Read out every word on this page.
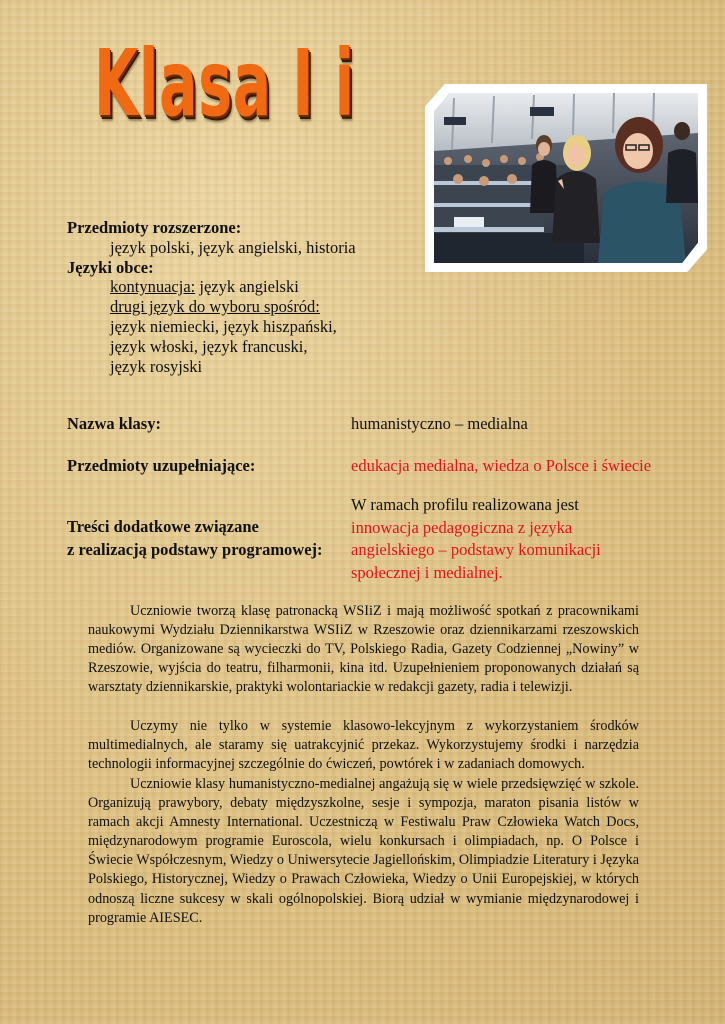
Klasa I i
Przedmioty rozszerzone:
język polski, język angielski, historia
Języki obce:
kontynuacja: język angielski
drugi język do wyboru spośród:
język niemiecki, język hiszpański,
język włoski, język francuski,
język rosyjski
Nazwa klasy:	humanistyczno – medialna
Przedmioty uzupełniające:	edukacja medialna, wiedza o Polsce i świecie
Treści dodatkowe związane
z realizacją podstawy programowej:
W ramach profilu realizowana jest
innowacja pedagogiczna z języka
angielskiego – podstawy komunikacji
społecznej i medialnej.

Uczniowie tworzą klasę patronacką WSIiZ i mają możliwość spotkań z pracownikami naukowymi Wydziału Dziennikarstwa WSIiZ w Rzeszowie oraz dziennikarzami rzeszowskich mediów. Organizowane są wycieczki do TV, Polskiego Radia, Gazety Codziennej „Nowiny” w Rzeszowie, wyjścia do teatru, filharmonii, kina itd. Uzupełnieniem proponowanych działań są warsztaty dziennikarskie, praktyki wolontariackie w redakcji gazety, radia i telewizji.

Uczymy nie tylko w systemie klasowo-lekcyjnym z wykorzystaniem środków multimedialnych, ale staramy się uatrakcyjnić przekaz. Wykorzystujemy środki i narzędzia technologii informacyjnej szczególnie do ćwiczeń, powtórek i w zadaniach domowych.

Uczniowie klasy humanistyczno-medialnej angażują się w wiele przedsięwzięć w szkole. Organizują prawybory, debaty międzyszkolne, sesje i sympozja, maraton pisania listów w ramach akcji Amnesty International. Uczestniczą w Festiwalu Praw Człowieka Watch Docs, międzynarodowym programie Euroscola, wielu konkursach i olimpiadach, np. O Polsce i Świecie Współczesnym, Wiedzy o Uniwersytecie Jagiellońskim, Olimpiadzie Literatury i Języka Polskiego, Historycznej, Wiedzy o Prawach Człowieka, Wiedzy o Unii Europejskiej, w których odnoszą liczne sukcesy w skali ogólnopolskiej. Biorą udział w wymianie międzynarodowej i programie AIESEC.
